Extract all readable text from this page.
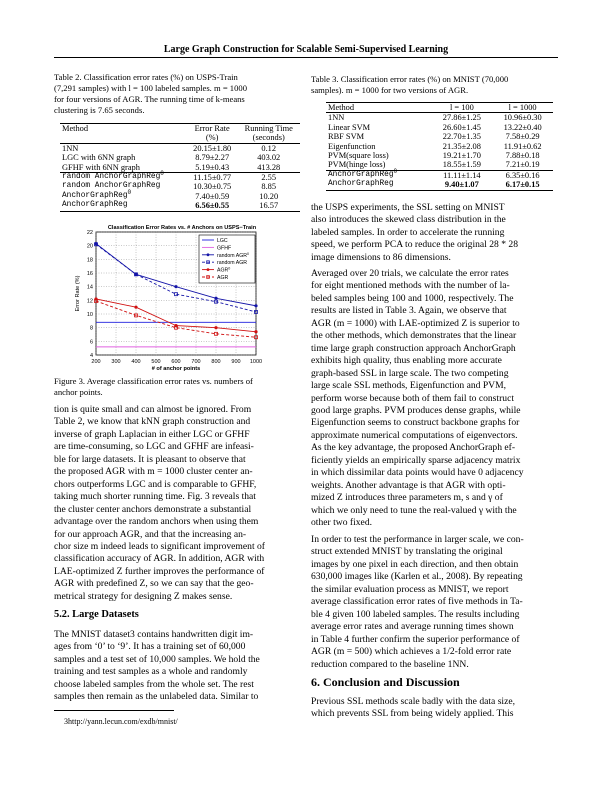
Large Graph Construction for Scalable Semi-Supervised Learning
Table 2. Classification error rates (%) on USPS-Train
(7,291 samples) with l = 100 labeled samples. m = 1000
for four versions of AGR. The running time of k-means
clustering is 7.65 seconds.
Method	Error Rate	Running Time
	(%)	(seconds)
1NN	20.15±1.80	0.12
LGC with 6NN graph	8.79±2.27	403.02
GFHF with 6NN graph	5.19±0.43	413.28
random AnchorGraphReg$^0$	11.15±0.77	2.55
random AnchorGraphReg	10.30±0.75	8.85
AnchorGraphReg$^0$	7.40±0.59	10.20
AnchorGraphReg	6.56±0.55	16.57
200 300 400 500 600 700 800 900 1000
4
6
8
10
12
14
16
18
20
22
Classification Error Rates vs. # Anchors on USPS−Train
# of anchor points
Error Rate (%)
LGC
GFHF
random AGR$^0$
random AGR
AGR$^0$
AGR
Figure 3. Average classification error rates vs. numbers of
anchor points.
tion is quite small and can almost be ignored. From
Table 2, we know that kNN graph construction and
inverse of graph Laplacian in either LGC or GFHF
are time-consuming, so LGC and GFHF are infeasi-
ble for large datasets. It is pleasant to observe that
the proposed AGR with m = 1000 cluster center an-
chors outperforms LGC and is comparable to GFHF,
taking much shorter running time. Fig. 3 reveals that
the cluster center anchors demonstrate a substantial
advantage over the random anchors when using them
for our approach AGR, and that the increasing an-
chor size m indeed leads to significant improvement of
classification accuracy of AGR. In addition, AGR with
LAE-optimized Z further improves the performance of
AGR with predefined Z, so we can say that the geo-
metrical strategy for designing Z makes sense.
5.2. Large Datasets
The MNIST dataset3 contains handwritten digit im-
ages from ‘0’ to ‘9’. It has a training set of 60,000
samples and a test set of 10,000 samples. We hold the
training and test samples as a whole and randomly
choose labeled samples from the whole set. The rest
samples then remain as the unlabeled data. Similar to
3http://yann.lecun.com/exdb/mnist/
Table 3. Classification error rates (%) on MNIST (70,000
samples). m = 1000 for two versions of AGR.
Method	l = 100	l = 1000
1NN	27.86±1.25	10.96±0.30
Linear SVM	26.60±1.45	13.22±0.40
RBF SVM	22.70±1.35	7.58±0.29
Eigenfunction	21.35±2.08	11.91±0.62
PVM(square loss)	19.21±1.70	7.88±0.18
PVM(hinge loss)	18.55±1.59	7.21±0.19
AnchorGraphReg$^0$	11.11±1.14	6.35±0.16
AnchorGraphReg	9.40±1.07	6.17±0.15
the USPS experiments, the SSL setting on MNIST
also introduces the skewed class distribution in the
labeled samples. In order to accelerate the running
speed, we perform PCA to reduce the original 28 * 28
image dimensions to 86 dimensions.
Averaged over 20 trials, we calculate the error rates
for eight mentioned methods with the number of la-
beled samples being 100 and 1000, respectively. The
results are listed in Table 3. Again, we observe that
AGR (m = 1000) with LAE-optimized Z is superior to
the other methods, which demonstrates that the linear
time large graph construction approach AnchorGraph
exhibits high quality, thus enabling more accurate
graph-based SSL in large scale. The two competing
large scale SSL methods, Eigenfunction and PVM,
perform worse because both of them fail to construct
good large graphs. PVM produces dense graphs, while
Eigenfunction seems to construct backbone graphs for
approximate numerical computations of eigenvectors.
As the key advantage, the proposed AnchorGraph ef-
ficiently yields an empirically sparse adjacency matrix
in which dissimilar data points would have 0 adjacency
weights. Another advantage is that AGR with opti-
mized Z introduces three parameters m, s and γ of
which we only need to tune the real-valued γ with the
other two fixed.
In order to test the performance in larger scale, we con-
struct extended MNIST by translating the original
images by one pixel in each direction, and then obtain
630,000 images like (Karlen et al., 2008). By repeating
the similar evaluation process as MNIST, we report
average classification error rates of five methods in Ta-
ble 4 given 100 labeled samples. The results including
average error rates and average running times shown
in Table 4 further confirm the superior performance of
AGR (m = 500) which achieves a 1/2-fold error rate
reduction compared to the baseline 1NN.
6. Conclusion and Discussion
Previous SSL methods scale badly with the data size,
which prevents SSL from being widely applied. This
